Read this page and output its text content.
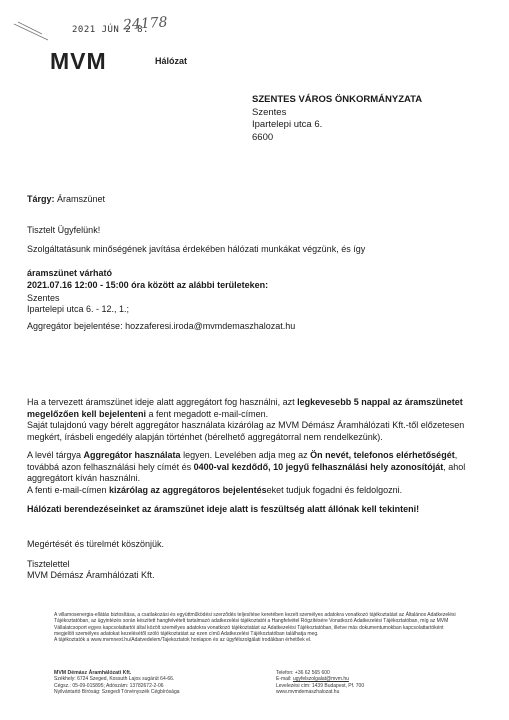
2021 JÚN 2 8.
24178
MVM	Hálózat
SZENTES VÁROS ÖNKORMÁNYZATA
Szentes
Ipartelepi utca 6.
6600
Tárgy: Áramszünet
Tisztelt Ügyfelünk!
Szolgáltatásunk minőségének javítása érdekében hálózati munkákat végzünk, és így
áramszünet várható
2021.07.16 12:00 - 15:00 óra között az alábbi területeken:
Szentes
Ipartelepi utca 6. - 12., 1.;
Aggregátor bejelentése: hozzaferesi.iroda@mvmdemaszhalozat.hu
Ha a tervezett áramszünet ideje alatt aggregátort fog használni, azt legkevesebb 5 nappal az áramszünetet megelőzően kell bejelenteni a fent megadott e-mail-címen.
Saját tulajdonú vagy bérelt aggregátor használata kizárólag az MVM Démász Áramhálózati Kft.-től előzetesen megkért, írásbeli engedély alapján történhet (bérelhető aggregátorral nem rendelkezünk).
A levél tárgya Aggregátor használata legyen. Levelében adja meg az Ön nevét, telefonos elérhetőségét, továbbá azon felhasználási hely címét és 0400-val kezdődő, 10 jegyű felhasználási hely azonosítóját, ahol aggregátort kíván használni.
A fenti e-mail-címen kizárólag az aggregátoros bejelentéseket tudjuk fogadni és feldolgozni.
Hálózati berendezéseinket az áramszünet ideje alatt is feszültség alatt állónak kell tekinteni!
Megértését és türelmét köszönjük.
Tisztelettel
MVM Démász Áramhálózati Kft.
A villamosenergia-ellátás biztosítása, a csatlakozási és együttműködési szerződés teljesítése keretében kezelt személyes adatokra vonatkozó tájékoztatást az Általános Adatkezelési Tájékoztatóban, az ügyintézés során készített hangfelvételt tartalmazó adatkezelési tájékoztatót a Hangfelvétel Rögzítésére Vonatkozó Adatkezelési Tájékoztatóban, míg az MVM Vállalatcsoport egyes kapcsolattartói által közölt személyes adatokra vonatkozó tájékoztatást az Adatkezelési Tájékoztatóban, illetve más dokumentumokban kapcsolattartóként megjelölt személyes adatokat kezelésétől szóló tájékoztatást az ezen című Adatkezelési Tájékoztatóban találhatja meg.
A tájékoztatók a www.mvmnext.hu/Adatvedelem/Tajekoztatok honlapon és az ügyfélszolgálati irodákban érhetőek el.
MVM Démász Áramhálózati Kft.
Székhely: 6724 Szeged, Kossuth Lajos sugárút 64-66.
Cégsz.: 05-09-015895; Adószám: 13782672-2-06
Nyilvántartó Bíróság: Szegedi Törvényszék Cégbírósága
Telefon: +36 62 565 600
E-mail: ugyfelszolgalat@mvm.hu
Levelezési cím: 1439 Budapest, Pf. 700
www.mvmdemaszhalozat.hu
